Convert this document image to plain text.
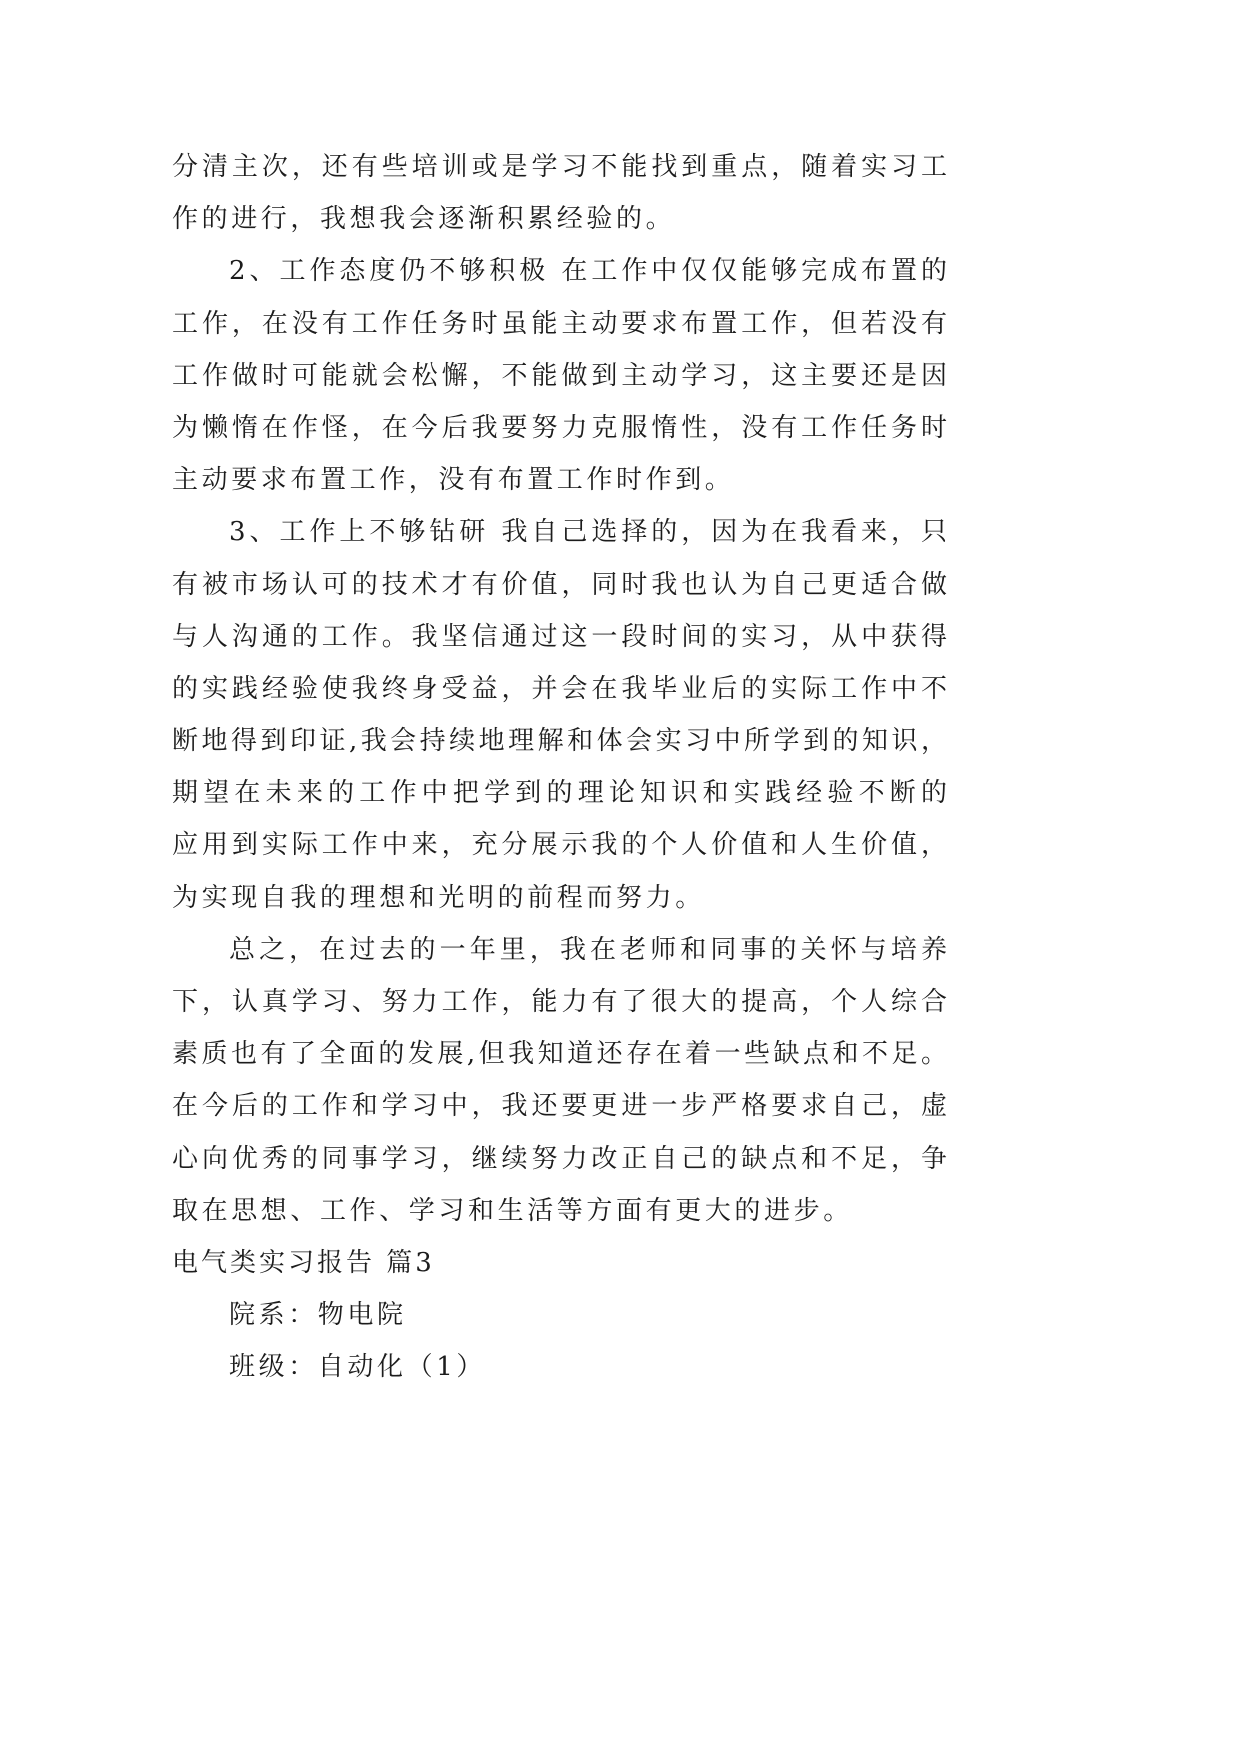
分清主次，还有些培训或是学习不能找到重点，随着实习工
作的进行，我想我会逐渐积累经验的。
2、工作态度仍不够积极 在工作中仅仅能够完成布置的
工作，在没有工作任务时虽能主动要求布置工作，但若没有
工作做时可能就会松懈，不能做到主动学习，这主要还是因
为懒惰在作怪，在今后我要努力克服惰性，没有工作任务时
主动要求布置工作，没有布置工作时作到。
3、工作上不够钻研 我自己选择的，因为在我看来，只
有被市场认可的技术才有价值，同时我也认为自己更适合做
与人沟通的工作。我坚信通过这一段时间的实习，从中获得
的实践经验使我终身受益，并会在我毕业后的实际工作中不
断地得到印证,我会持续地理解和体会实习中所学到的知识，
期望在未来的工作中把学到的理论知识和实践经验不断的
应用到实际工作中来，充分展示我的个人价值和人生价值，
为实现自我的理想和光明的前程而努力。
总之，在过去的一年里，我在老师和同事的关怀与培养
下，认真学习、努力工作，能力有了很大的提高，个人综合
素质也有了全面的发展,但我知道还存在着一些缺点和不足。
在今后的工作和学习中，我还要更进一步严格要求自己，虚
心向优秀的同事学习，继续努力改正自己的缺点和不足，争
取在思想、工作、学习和生活等方面有更大的进步。
电气类实习报告 篇3
院系：物电院
班级：自动化（1）
